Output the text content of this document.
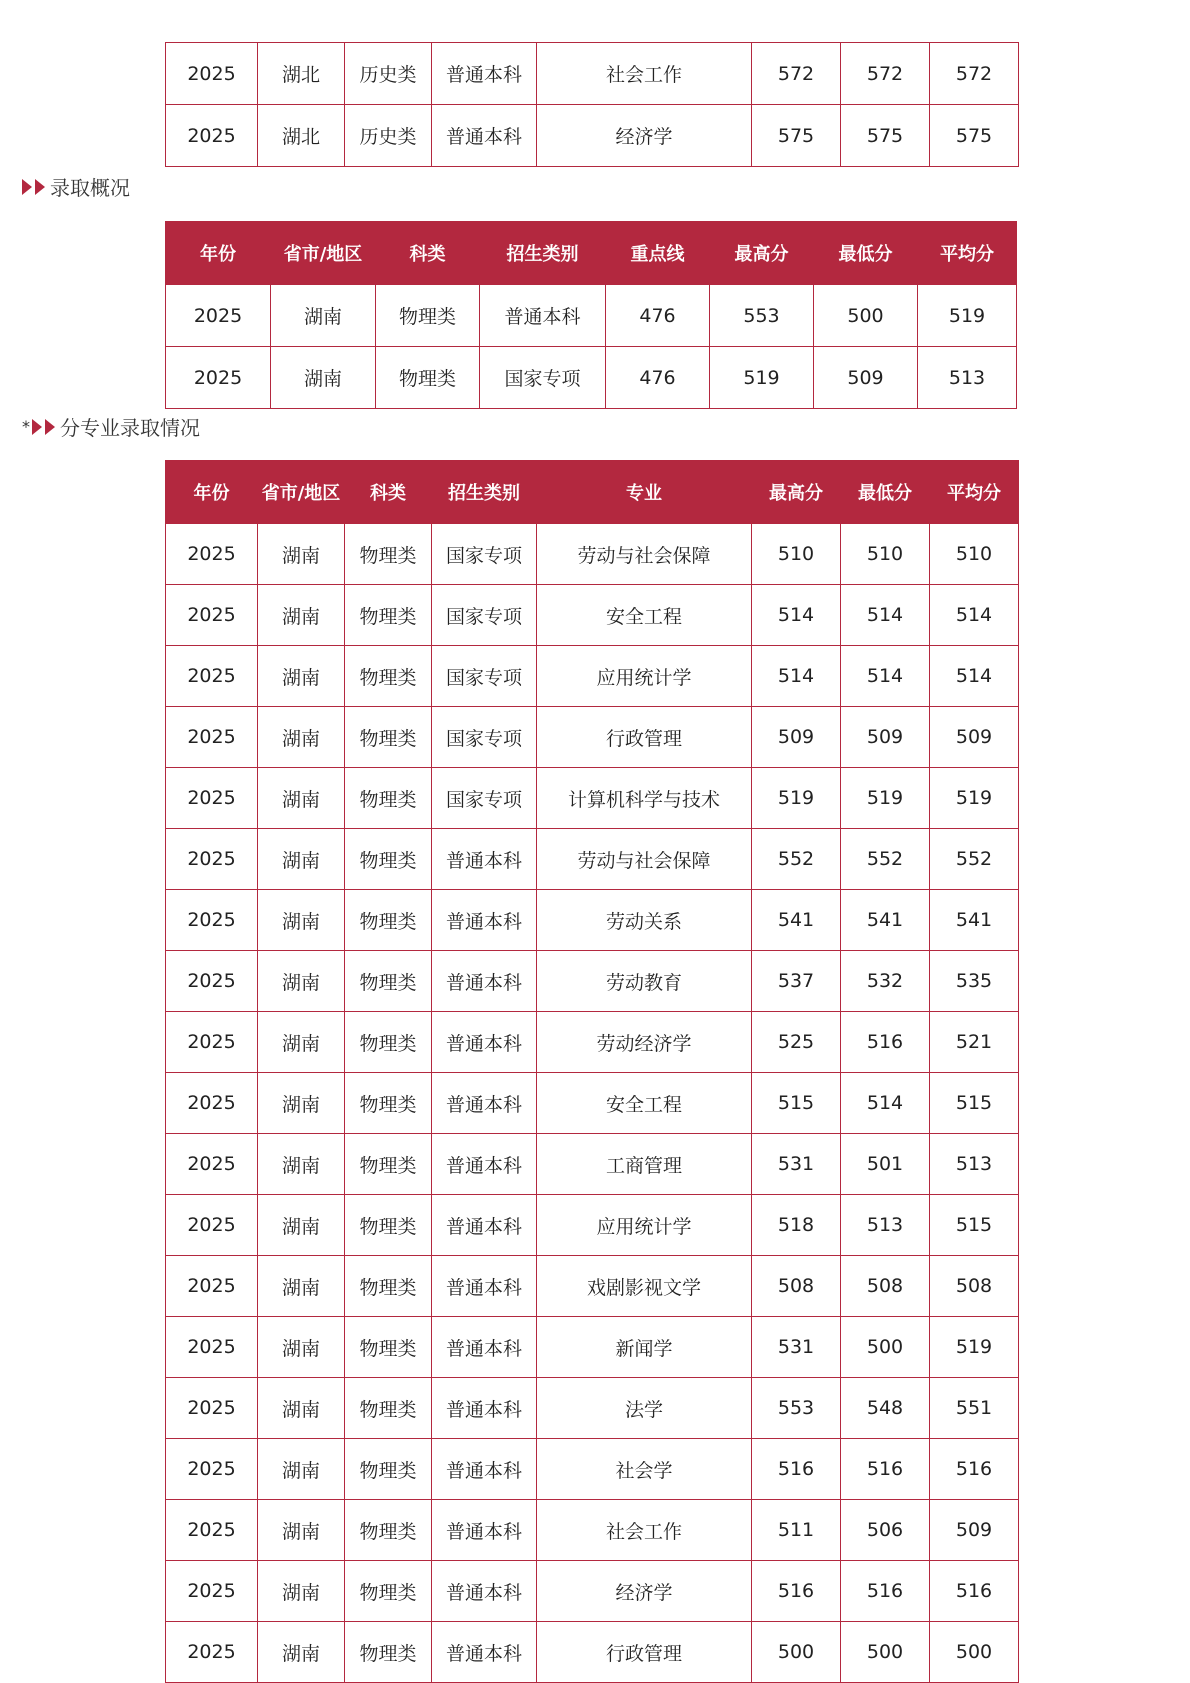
2025	湖北	历史类	普通本科	社会工作	572	572	572
2025	湖北	历史类	普通本科	经济学	575	575	575
录取概况
年份	省市/地区	科类	招生类别	重点线	最高分	最低分	平均分
2025	湖南	物理类	普通本科	476	553	500	519
2025	湖南	物理类	国家专项	476	519	509	513
* 分专业录取情况
年份	省市/地区	科类	招生类别	专业	最高分	最低分	平均分
2025	湖南	物理类	国家专项	劳动与社会保障	510	510	510
2025	湖南	物理类	国家专项	安全工程	514	514	514
2025	湖南	物理类	国家专项	应用统计学	514	514	514
2025	湖南	物理类	国家专项	行政管理	509	509	509
2025	湖南	物理类	国家专项	计算机科学与技术	519	519	519
2025	湖南	物理类	普通本科	劳动与社会保障	552	552	552
2025	湖南	物理类	普通本科	劳动关系	541	541	541
2025	湖南	物理类	普通本科	劳动教育	537	532	535
2025	湖南	物理类	普通本科	劳动经济学	525	516	521
2025	湖南	物理类	普通本科	安全工程	515	514	515
2025	湖南	物理类	普通本科	工商管理	531	501	513
2025	湖南	物理类	普通本科	应用统计学	518	513	515
2025	湖南	物理类	普通本科	戏剧影视文学	508	508	508
2025	湖南	物理类	普通本科	新闻学	531	500	519
2025	湖南	物理类	普通本科	法学	553	548	551
2025	湖南	物理类	普通本科	社会学	516	516	516
2025	湖南	物理类	普通本科	社会工作	511	506	509
2025	湖南	物理类	普通本科	经济学	516	516	516
2025	湖南	物理类	普通本科	行政管理	500	500	500
